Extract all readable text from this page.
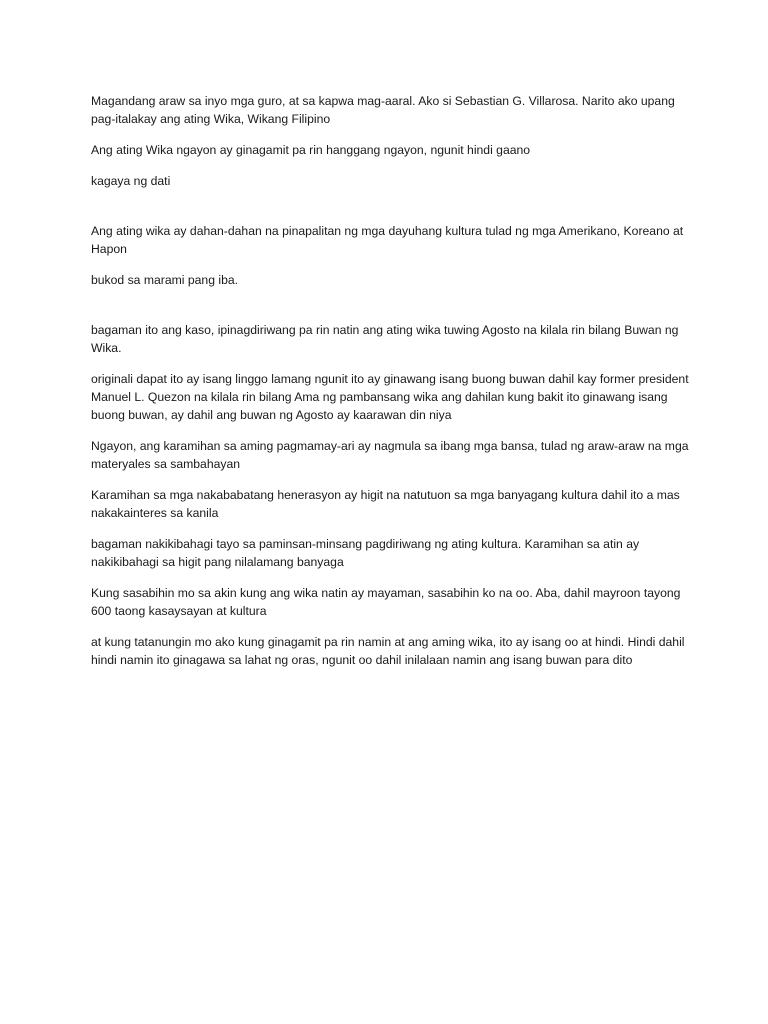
Magandang araw sa inyo mga guro, at sa kapwa mag-aaral. Ako si Sebastian G. Villarosa. Narito ako upang pag-italakay ang ating Wika, Wikang Filipino

Ang ating Wika ngayon ay ginagamit pa rin hanggang ngayon, ngunit hindi gaano

kagaya ng dati

Ang ating wika ay dahan-dahan na pinapalitan ng mga dayuhang kultura tulad ng mga Amerikano, Koreano at Hapon

bukod sa marami pang iba.

bagaman ito ang kaso, ipinagdiriwang pa rin natin ang ating wika tuwing Agosto na kilala rin bilang Buwan ng Wika.

originali dapat ito ay isang linggo lamang ngunit ito ay ginawang isang buong buwan dahil kay former president Manuel L. Quezon na kilala rin bilang Ama ng pambansang wika ang dahilan kung bakit ito ginawang isang buong buwan, ay dahil ang buwan ng Agosto ay kaarawan din niya

Ngayon, ang karamihan sa aming pagmamay-ari ay nagmula sa ibang mga bansa, tulad ng araw-araw na mga materyales sa sambahayan

Karamihan sa mga nakababatang henerasyon ay higit na natutuon sa mga banyagang kultura dahil ito a mas nakakainteres sa kanila

bagaman nakikibahagi tayo sa paminsan-minsang pagdiriwang ng ating kultura. Karamihan sa atin ay nakikibahagi sa higit pang nilalamang banyaga

Kung sasabihin mo sa akin kung ang wika natin ay mayaman, sasabihin ko na oo. Aba, dahil mayroon tayong 600 taong kasaysayan at kultura

at kung tatanungin mo ako kung ginagamit pa rin namin at ang aming wika, ito ay isang oo at hindi. Hindi dahil hindi namin ito ginagawa sa lahat ng oras, ngunit oo dahil inilalaan namin ang isang buwan para dito
